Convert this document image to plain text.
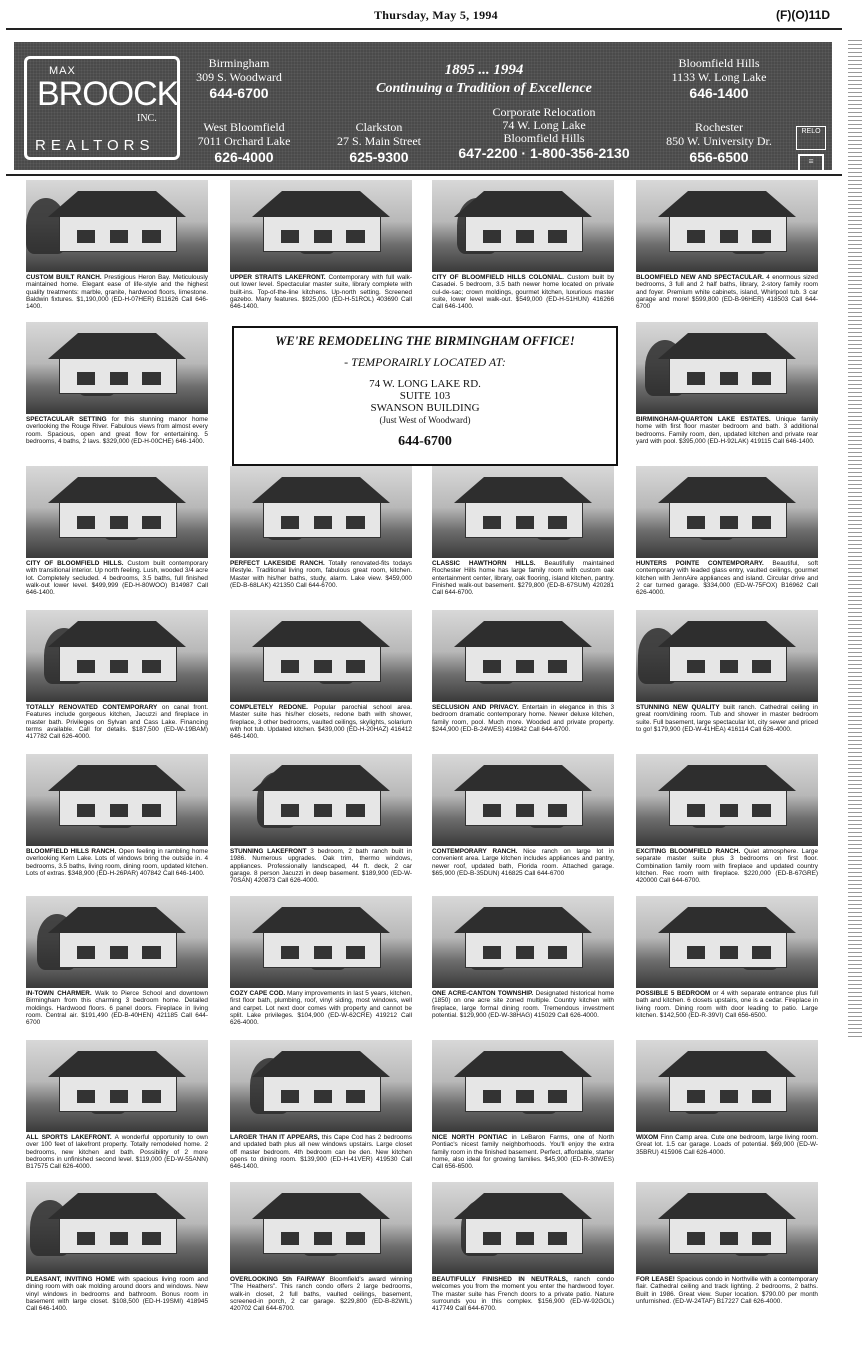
Thursday, May 5, 1994	(F)(O)11D
MAX
BROOCK
INC.
REALTORS
Birmingham
309 S. Woodward
644-6700
Bloomfield Hills
1133 W. Long Lake
646-1400
West Bloomfield
7011 Orchard Lake
626-4000
Clarkston
27 S. Main Street
625-9300
Rochester
850 W. University Dr.
656-6500
1895 ... 1994
Continuing a Tradition of Excellence
Corporate Relocation
74 W. Long Lake
Bloomfield Hills
647-2200 · 1-800-356-2130
RELO
≡
WE'RE REMODELING THE BIRMINGHAM OFFICE!
- TEMPORAIRLY LOCATED AT:
74 W. LONG LAKE RD.
SUITE 103
SWANSON BUILDING
(Just West of Woodward)
644-6700
CUSTOM BUILT RANCH. Prestigious Heron Bay. Meticulously maintained home. Elegant ease of life-style and the highest quality treatments: marble, granite, hardwood floors, limestone. Baldwin fixtures. $1,190,000 (ED-H-07HER) B11626 Call 646-1400.
UPPER STRAITS LAKEFRONT. Contemporary with full walk-out lower level. Spectacular master suite, library complete with built-ins. Top-of-the-line kitchens. Up-north setting. Screened gazebo. Many features. $925,000 (ED-H-51ROL) 403690 Call 646-1400.
CITY OF BLOOMFIELD HILLS COLONIAL. Custom built by Casadei. 5 bedroom, 3.5 bath newer home located on private cul-de-sac; crown moldings, gourmet kitchen, luxurious master suite, lower level walk-out. $549,000 (ED-H-51HUN) 416266 Call 646-1400.
BLOOMFIELD NEW AND SPECTACULAR. 4 enormous sized bedrooms, 3 full and 2 half baths, library, 2-story family room and foyer. Premium white cabinets, island, Whirlpool tub. 3 car garage and more! $599,800 (ED-B-96HER) 418503 Call 644-6700
SPECTACULAR SETTING for this stunning manor home overlooking the Rouge River. Fabulous views from almost every room. Spacious, open and great flow for entertaining. 5 bedrooms, 4 baths, 2 lavs. $329,000 (ED-H-00CHE) 646-1400.
BIRMINGHAM-QUARTON LAKE ESTATES. Unique family home with first floor master bedroom and bath. 3 additional bedrooms. Family room, den, updated kitchen and private rear yard with pool. $395,000 (ED-H-92LAK) 419115 Call 646-1400.
CITY OF BLOOMFIELD HILLS. Custom built contemporary with transitional interior. Up north feeling. Lush, wooded 3/4 acre lot. Completely secluded. 4 bedrooms, 3.5 baths, full finished walk-out lower level. $499,999 (ED-H-80WOO) B14987 Call 646-1400.
PERFECT LAKESIDE RANCH. Totally renovated-fits todays lifestyle. Traditional living room, fabulous great room, kitchen. Master with his/her baths, study, alarm. Lake view. $459,000 (ED-B-68LAK) 421350 Call 644-6700.
CLASSIC HAWTHORN HILLS. Beautifully maintained Rochester Hills home has large family room with custom oak entertainment center, library, oak flooring, island kitchen, pantry. Finished walk-out basement. $279,800 (ED-B-67SUM) 420281 Call 644-6700.
HUNTERS POINTE CONTEMPORARY. Beautiful, soft contemporary with leaded glass entry, vaulted ceilings, gourmet kitchen with JennAire appliances and island. Circular drive and 2 car turned garage. $334,000 (ED-W-75FOX) B16962 Call 626-4000.
TOTALLY RENOVATED CONTEMPORARY on canal front. Features include gorgeous kitchen, Jacuzzi and fireplace in master bath. Privileges on Sylvan and Cass Lake. Financing terms available. Call for details. $187,500 (ED-W-19BAM) 417782 Call 626-4000.
COMPLETELY REDONE. Popular parochial school area. Master suite has his/her closets, redone bath with shower, fireplace, 3 other bedrooms, vaulted ceilings, skylights, solarium with hot tub. Updated kitchen. $439,000 (ED-H-20HAZ) 416412 646-1400.
SECLUSION AND PRIVACY. Entertain in elegance in this 3 bedroom dramatic contemporary home. Newer deluxe kitchen, family room, pool. Much more. Wooded and private property. $244,900 (ED-B-24WES) 419842 Call 644-6700.
STUNNING NEW QUALITY built ranch. Cathedral ceiling in great room/dining room. Tub and shower in master bedroom suite. Full basement, large spectacular lot, city sewer and priced to go! $179,900 (ED-W-41HEA) 416114 Call 626-4000.
BLOOMFIELD HILLS RANCH. Open feeling in rambling home overlooking Kern Lake. Lots of windows bring the outside in. 4 bedrooms, 3.5 baths, living room, dining room, updated kitchen. Lots of extras. $348,900 (ED-H-26PAR) 407842 Call 646-1400.
STUNNING LAKEFRONT 3 bedroom, 2 bath ranch built in 1986. Numerous upgrades. Oak trim, thermo windows, appliances. Professionally landscaped, 44 ft. deck, 2 car garage. 8 person Jacuzzi in deep basement. $189,900 (ED-W-70SAN) 420873 Call 626-4000.
CONTEMPORARY RANCH. Nice ranch on large lot in convenient area. Large kitchen includes appliances and pantry, newer roof, updated bath, Florida room. Attached garage. $65,900 (ED-B-35DUN) 416825 Call 644-6700
EXCITING BLOOMFIELD RANCH. Quiet atmosphere. Large separate master suite plus 3 bedrooms on first floor. Combination family room with fireplace and updated country kitchen. Rec room with fireplace. $220,000 (ED-B-67GRE) 420000 Call 644-6700.
IN-TOWN CHARMER. Walk to Pierce School and downtown Birmingham from this charming 3 bedroom home. Detailed moldings. Hardwood floors. 6 panel doors. Fireplace in living room. Central air. $191,490 (ED-B-40HEN) 421185 Call 644-6700
COZY CAPE COD. Many improvements in last 5 years, kitchen, first floor bath, plumbing, roof, vinyl siding, most windows, well and carpet. Lot next door comes with property and cannot be split. Lake privileges. $104,900 (ED-W-62CRE) 419212 Call 626-4000.
ONE ACRE-CANTON TOWNSHIP. Designated historical home (1850) on one acre site zoned multiple. Country kitchen with fireplace, large formal dining room. Tremendous investment potential. $129,900 (ED-W-38HAG) 415029 Call 626-4000.
POSSIBLE 5 BEDROOM or 4 with separate entrance plus full bath and kitchen. 6 closets upstairs, one is a cedar. Fireplace in living room. Dining room with door leading to patio. Large kitchen. $142,500 (ED-R-39VI) Call 656-6500.
ALL SPORTS LAKEFRONT. A wonderful opportunity to own over 100 feet of lakefront property. Totally remodeled home. 2 bedrooms, new kitchen and bath. Possibility of 2 more bedrooms in unfinished second level. $119,000 (ED-W-55ANN) B17575 Call 626-4000.
LARGER THAN IT APPEARS, this Cape Cod has 2 bedrooms and updated bath plus all new windows upstairs. Large closet off master bedroom. 4th bedroom can be den. New kitchen opens to dining room. $139,900 (ED-H-41VER) 419530 Call 646-1400.
NICE NORTH PONTIAC in LeBaron Farms, one of North Pontiac's nicest family neighborhoods. You'll enjoy the extra family room in the finished basement. Perfect, affordable, starter home, also ideal for growing families. $45,900 (ED-R-30WES) Call 656-6500.
WIXOM Finn Camp area. Cute one bedroom, large living room. Great lot. 1.5 car garage. Loads of potential. $69,900 (ED-W-35BRU) 415906 Call 626-4000.
PLEASANT, INVITING HOME with spacious living room and dining room with oak molding around doors and windows. New vinyl windows in bedrooms and bathroom. Bonus room in basement with large closet. $108,500 (ED-H-19SMI) 418945 Call 646-1400.
OVERLOOKING 5th FAIRWAY Bloomfield's award winning "The Heathers". This ranch condo offers 2 large bedrooms, walk-in closet, 2 full baths, vaulted ceilings, basement, screened-in porch, 2 car garage. $229,800 (ED-B-82WIL) 420702 Call 644-6700.
BEAUTIFULLY FINISHED IN NEUTRALS, ranch condo welcomes you from the moment you enter the hardwood foyer. The master suite has French doors to a private patio. Nature surrounds you in this complex. $156,900 (ED-W-92GOL) 417749 Call 644-6700.
FOR LEASE! Spacious condo in Northville with a contemporary flair. Cathedral ceiling and track lighting. 2 bedrooms, 2 baths. Built in 1986. Great view. Super location. $790.00 per month unfurnished. (ED-W-24TAF) B17227 Call 626-4000.
